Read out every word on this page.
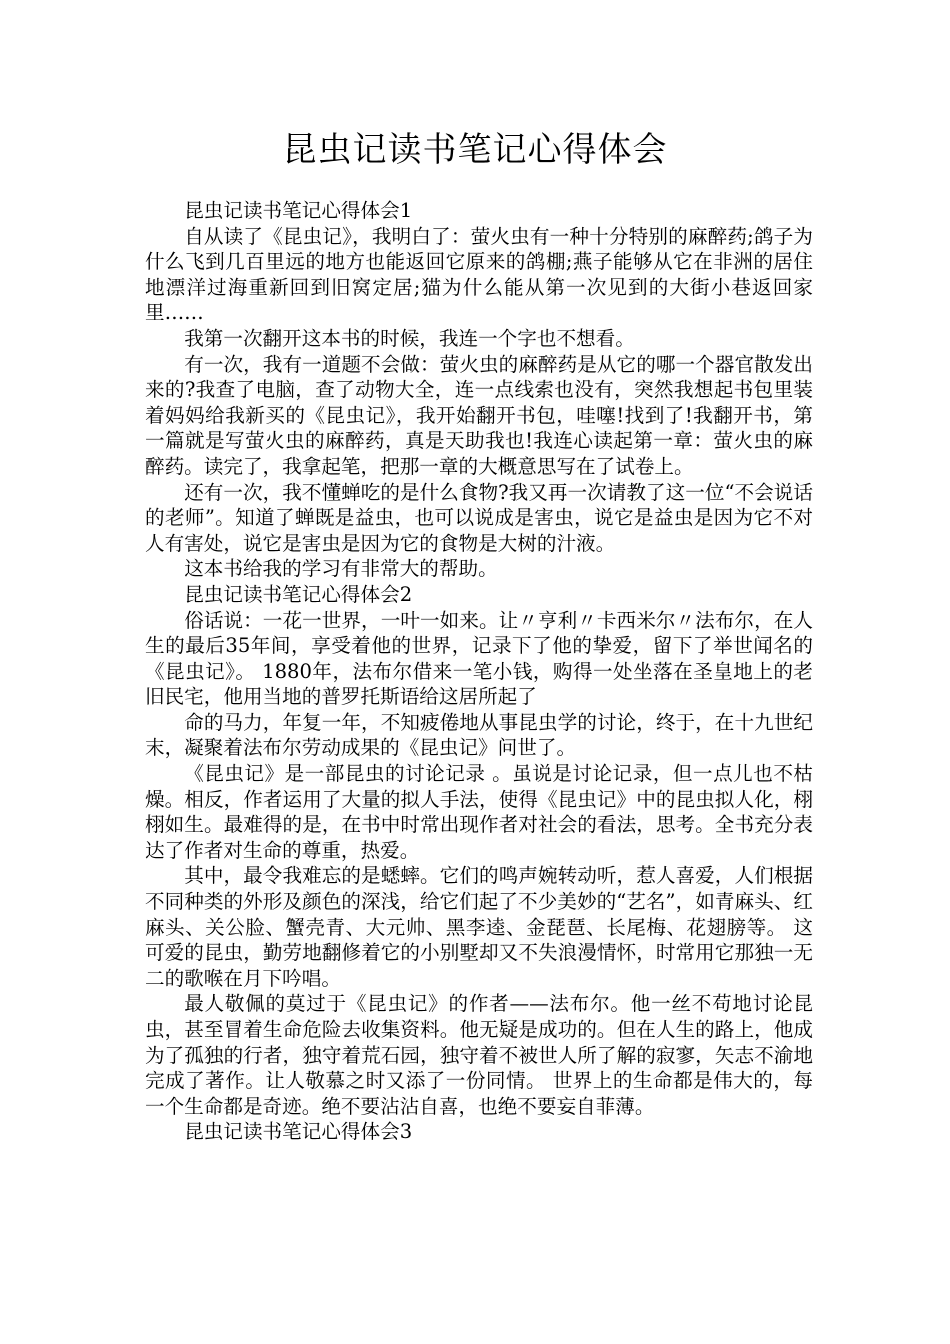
昆虫记读书笔记心得体会

昆虫记读书笔记心得体会1

自从读了《昆虫记》，我明白了：萤火虫有一种十分特别的麻醉药;鸽子为什么飞到几百里远的地方也能返回它原来的鸽棚;燕子能够从它在非洲的居住地漂洋过海重新回到旧窝定居;猫为什么能从第一次见到的大街小巷返回家里……

我第一次翻开这本书的时候，我连一个字也不想看。

有一次，我有一道题不会做：萤火虫的麻醉药是从它的哪一个器官散发出来的?我查了电脑，查了动物大全，连一点线索也没有，突然我想起书包里装着妈妈给我新买的《昆虫记》，我开始翻开书包，哇噻!找到了!我翻开书，第一篇就是写萤火虫的麻醉药，真是天助我也!我连心读起第一章：萤火虫的麻醉药。读完了，我拿起笔，把那一章的大概意思写在了试卷上。

还有一次，我不懂蝉吃的是什么食物?我又再一次请教了这一位“不会说话的老师”。知道了蝉既是益虫，也可以说成是害虫，说它是益虫是因为它不对人有害处，说它是害虫是因为它的食物是大树的汁液。

这本书给我的学习有非常大的帮助。

昆虫记读书笔记心得体会2

俗话说：一花一世界，一叶一如来。让〃亨利〃卡西米尔〃法布尔，在人生的最后35年间，享受着他的世界，记录下了他的挚爱，留下了举世闻名的《昆虫记》。 1880年，法布尔借来一笔小钱，购得一处坐落在圣皇地上的老旧民宅，他用当地的普罗托斯语给这居所起了

命的马力，年复一年，不知疲倦地从事昆虫学的讨论，终于，在十九世纪末，凝聚着法布尔劳动成果的《昆虫记》问世了。

《昆虫记》是一部昆虫的讨论记录 。虽说是讨论记录，但一点儿也不枯燥。相反，作者运用了大量的拟人手法，使得《昆虫记》中的昆虫拟人化，栩栩如生。最难得的是，在书中时常出现作者对社会的看法，思考。全书充分表达了作者对生命的尊重，热爱。

其中，最令我难忘的是蟋蟀。它们的鸣声婉转动听，惹人喜爱，人们根据不同种类的外形及颜色的深浅，给它们起了不少美妙的“艺名”，如青麻头、红麻头、关公脸、蟹壳青、大元帅、黑李逵、金琵琶、长尾梅、花翅膀等。 这可爱的昆虫，勤劳地翻修着它的小别墅却又不失浪漫情怀，时常用它那独一无二的歌喉在月下吟唱。

最人敬佩的莫过于《昆虫记》的作者——法布尔。他一丝不苟地讨论昆虫，甚至冒着生命危险去收集资料。他无疑是成功的。但在人生的路上，他成为了孤独的行者，独守着荒石园，独守着不被世人所了解的寂寥，矢志不渝地完成了著作。让人敬慕之时又添了一份同情。 世界上的生命都是伟大的，每一个生命都是奇迹。绝不要沾沾自喜，也绝不要妄自菲薄。

昆虫记读书笔记心得体会3
